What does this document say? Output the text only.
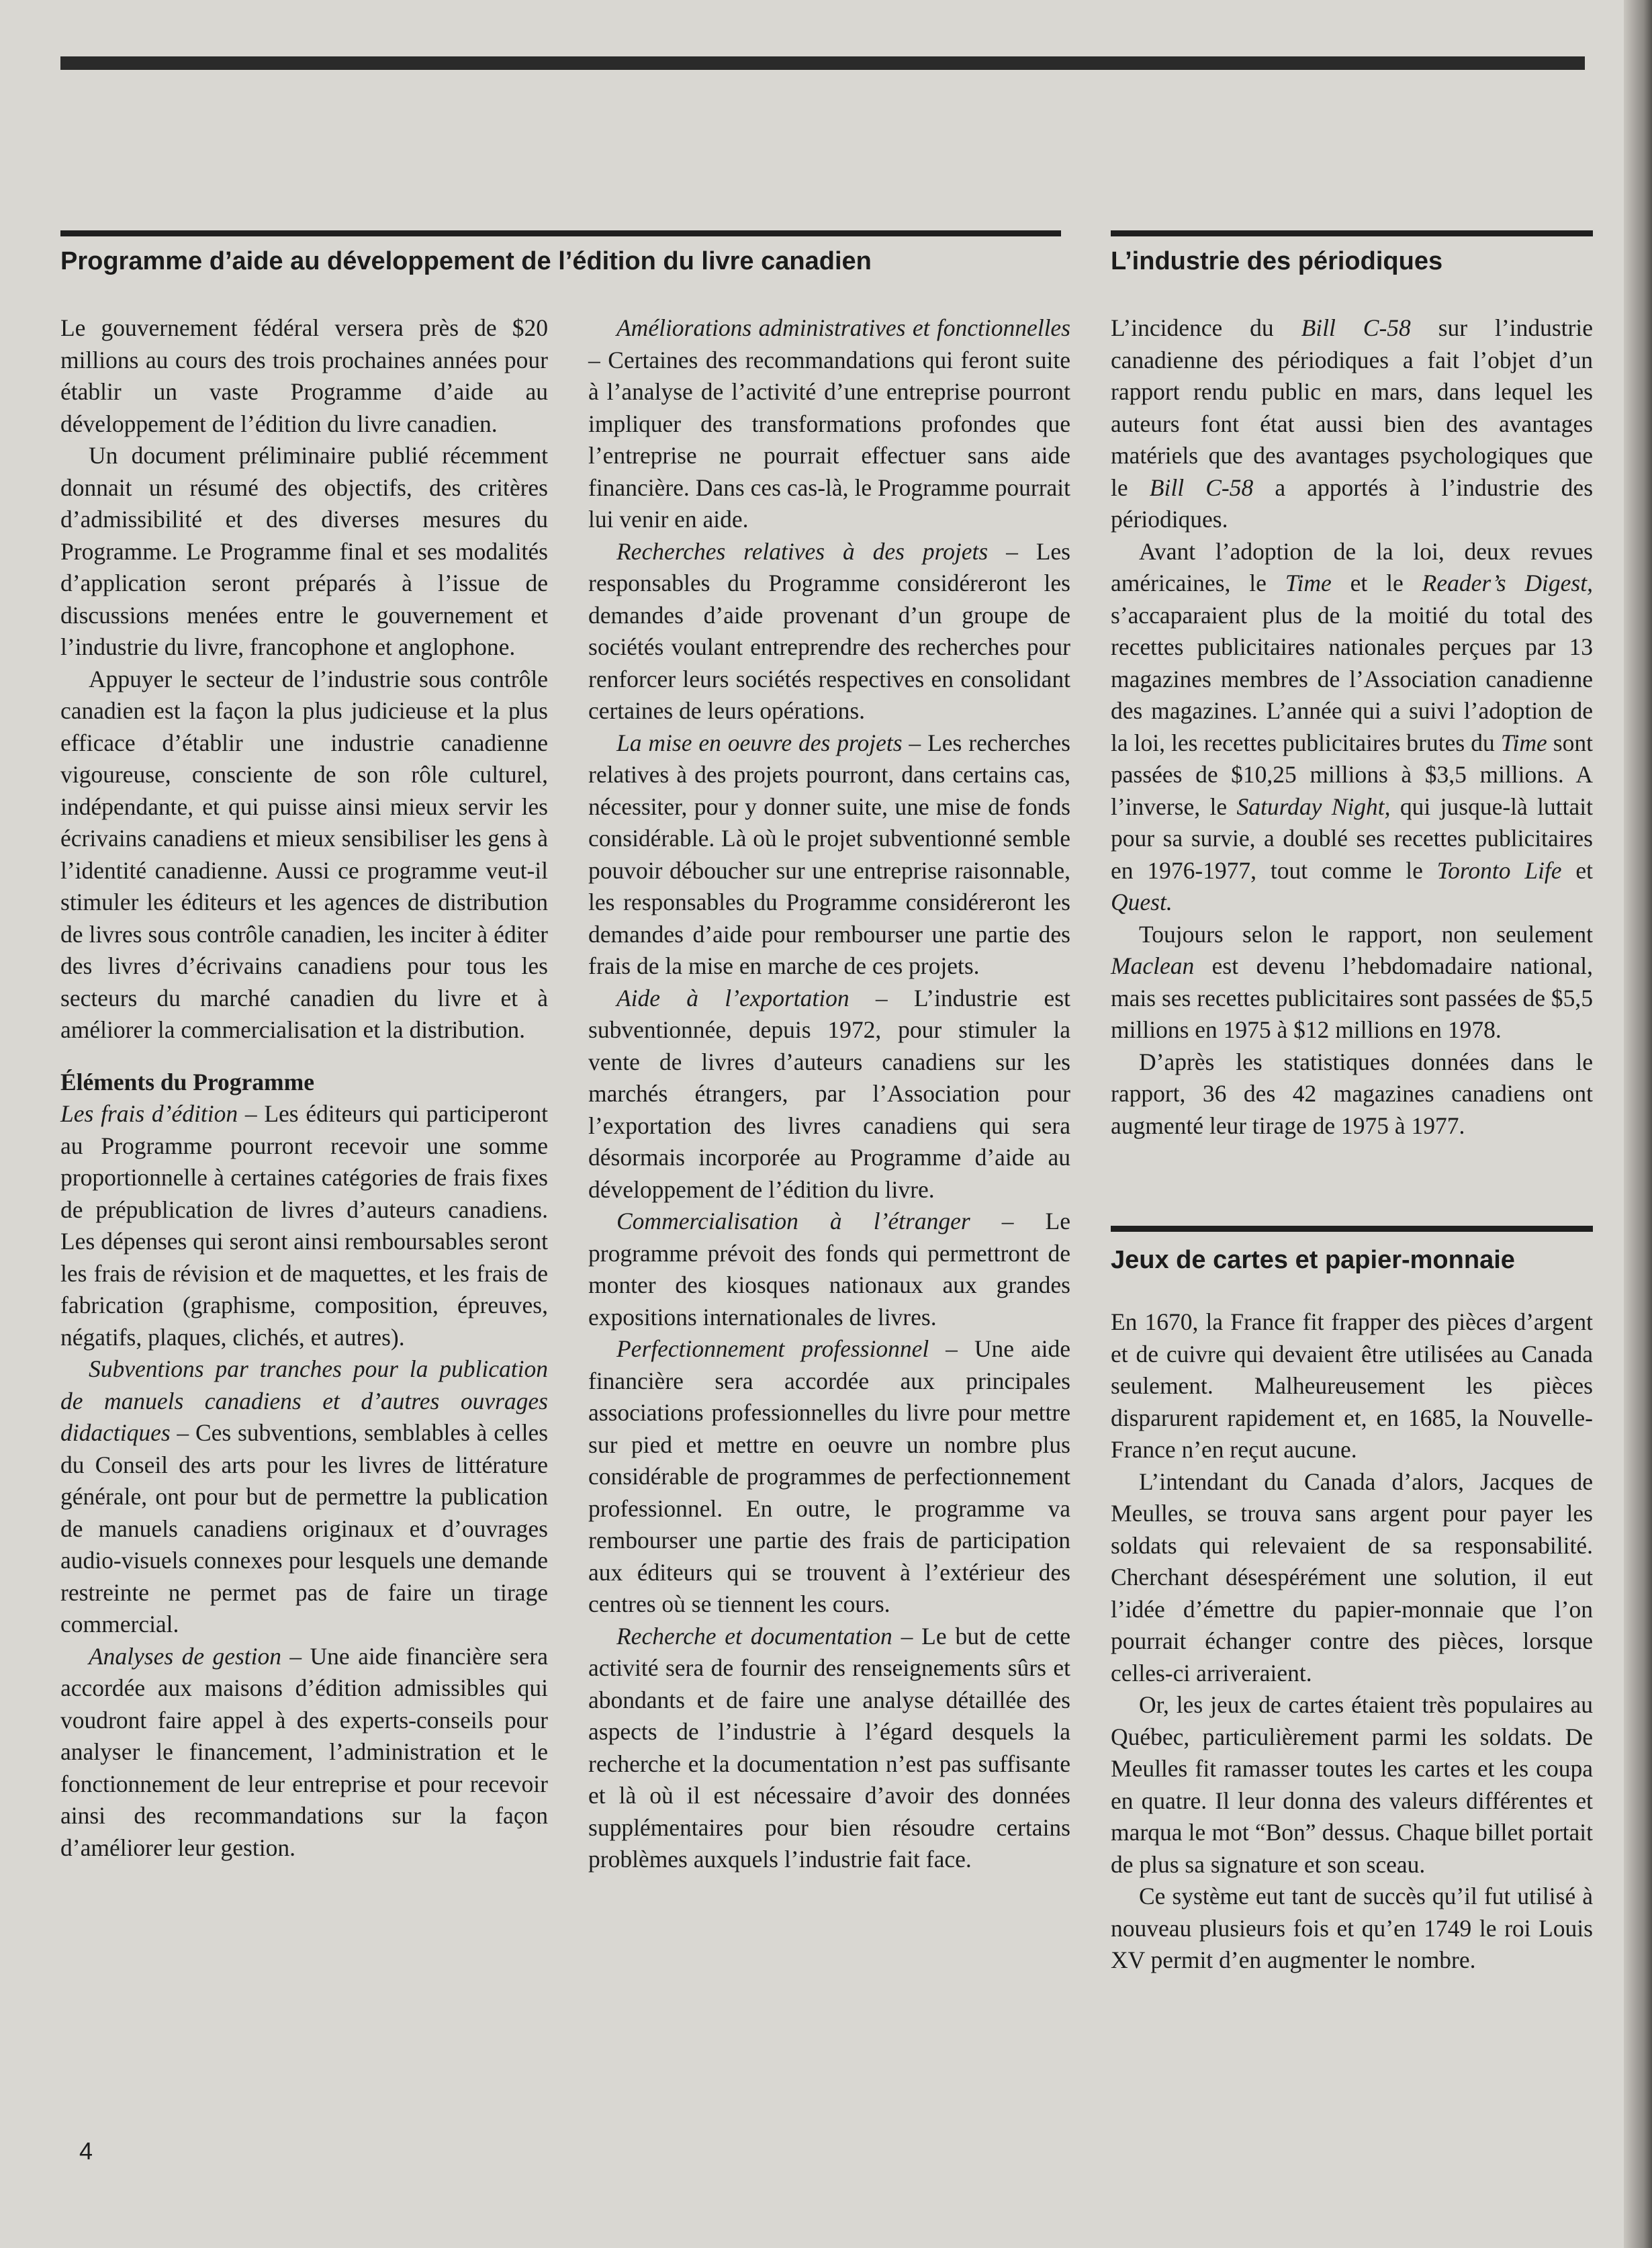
Programme d’aide au développement de l’édition du livre canadien

Le gouvernement fédéral versera près de $20 millions au cours des trois prochaines années pour établir un vaste Programme d’aide au développement de l’édition du livre canadien.

Un document préliminaire publié récemment donnait un résumé des objectifs, des critères d’admissibilité et des diverses mesures du Programme. Le Programme final et ses modalités d’application seront préparés à l’issue de discussions menées entre le gouvernement et l’industrie du livre, francophone et anglophone.

Appuyer le secteur de l’industrie sous contrôle canadien est la façon la plus judicieuse et la plus efficace d’établir une industrie canadienne vigoureuse, consciente de son rôle culturel, indépendante, et qui puisse ainsi mieux servir les écrivains canadiens et mieux sensibiliser les gens à l’identité canadienne. Aussi ce programme veut-il stimuler les éditeurs et les agences de distribution de livres sous contrôle canadien, les inciter à éditer des livres d’écrivains canadiens pour tous les secteurs du marché canadien du livre et à améliorer la commercialisation et la distribution.

Éléments du Programme

Les frais d’édition – Les éditeurs qui participeront au Programme pourront recevoir une somme proportionnelle à certaines catégories de frais fixes de prépublication de livres d’auteurs canadiens. Les dépenses qui seront ainsi remboursables seront les frais de révision et de maquettes, et les frais de fabrication (graphisme, composition, épreuves, négatifs, plaques, clichés, et autres).

Subventions par tranches pour la publication de manuels canadiens et d’autres ouvrages didactiques – Ces subventions, semblables à celles du Conseil des arts pour les livres de littérature générale, ont pour but de permettre la publication de manuels canadiens originaux et d’ouvrages audio-visuels connexes pour lesquels une demande restreinte ne permet pas de faire un tirage commercial.

Analyses de gestion – Une aide financière sera accordée aux maisons d’édition admissibles qui voudront faire appel à des experts-conseils pour analyser le financement, l’administration et le fonctionnement de leur entreprise et pour recevoir ainsi des recommandations sur la façon d’améliorer leur gestion.

Améliorations administratives et fonctionnelles – Certaines des recommandations qui feront suite à l’analyse de l’activité d’une entreprise pourront impliquer des transformations profondes que l’entreprise ne pourrait effectuer sans aide financière. Dans ces cas-là, le Programme pourrait lui venir en aide.

Recherches relatives à des projets – Les responsables du Programme considéreront les demandes d’aide provenant d’un groupe de sociétés voulant entreprendre des recherches pour renforcer leurs sociétés respectives en consolidant certaines de leurs opérations.

La mise en oeuvre des projets – Les recherches relatives à des projets pourront, dans certains cas, nécessiter, pour y donner suite, une mise de fonds considérable. Là où le projet subventionné semble pouvoir déboucher sur une entreprise raisonnable, les responsables du Programme considéreront les demandes d’aide pour rembourser une partie des frais de la mise en marche de ces projets.

Aide à l’exportation – L’industrie est subventionnée, depuis 1972, pour stimuler la vente de livres d’auteurs canadiens sur les marchés étrangers, par l’Association pour l’exportation des livres canadiens qui sera désormais incorporée au Programme d’aide au développement de l’édition du livre.

Commercialisation à l’étranger – Le programme prévoit des fonds qui permettront de monter des kiosques nationaux aux grandes expositions internationales de livres.

Perfectionnement professionnel – Une aide financière sera accordée aux principales associations professionnelles du livre pour mettre sur pied et mettre en oeuvre un nombre plus considérable de programmes de perfectionnement professionnel. En outre, le programme va rembourser une partie des frais de participation aux éditeurs qui se trouvent à l’extérieur des centres où se tiennent les cours.

Recherche et documentation – Le but de cette activité sera de fournir des renseignements sûrs et abondants et de faire une analyse détaillée des aspects de l’industrie à l’égard desquels la recherche et la documentation n’est pas suffisante et là où il est nécessaire d’avoir des données supplémentaires pour bien résoudre certains problèmes auxquels l’industrie fait face.

L’industrie des périodiques

L’incidence du Bill C-58 sur l’industrie canadienne des périodiques a fait l’objet d’un rapport rendu public en mars, dans lequel les auteurs font état aussi bien des avantages matériels que des avantages psychologiques que le Bill C-58 a apportés à l’industrie des périodiques.

Avant l’adoption de la loi, deux revues américaines, le Time et le Reader’s Digest, s’accaparaient plus de la moitié du total des recettes publicitaires nationales perçues par 13 magazines membres de l’Association canadienne des magazines. L’année qui a suivi l’adoption de la loi, les recettes publicitaires brutes du Time sont passées de $10,25 millions à $3,5 millions. A l’inverse, le Saturday Night, qui jusque-là luttait pour sa survie, a doublé ses recettes publicitaires en 1976-1977, tout comme le Toronto Life et Quest.

Toujours selon le rapport, non seulement Maclean est devenu l’hebdomadaire national, mais ses recettes publicitaires sont passées de $5,5 millions en 1975 à $12 millions en 1978.

D’après les statistiques données dans le rapport, 36 des 42 magazines canadiens ont augmenté leur tirage de 1975 à 1977.

Jeux de cartes et papier-monnaie

En 1670, la France fit frapper des pièces d’argent et de cuivre qui devaient être utilisées au Canada seulement. Malheureusement les pièces disparurent rapidement et, en 1685, la Nouvelle-France n’en reçut aucune.

L’intendant du Canada d’alors, Jacques de Meulles, se trouva sans argent pour payer les soldats qui relevaient de sa responsabilité. Cherchant désespérément une solution, il eut l’idée d’émettre du papier-monnaie que l’on pourrait échanger contre des pièces, lorsque celles-ci arriveraient.

Or, les jeux de cartes étaient très populaires au Québec, particulièrement parmi les soldats. De Meulles fit ramasser toutes les cartes et les coupa en quatre. Il leur donna des valeurs différentes et marqua le mot “Bon” dessus. Chaque billet portait de plus sa signature et son sceau.

Ce système eut tant de succès qu’il fut utilisé à nouveau plusieurs fois et qu’en 1749 le roi Louis XV permit d’en augmenter le nombre.

4
